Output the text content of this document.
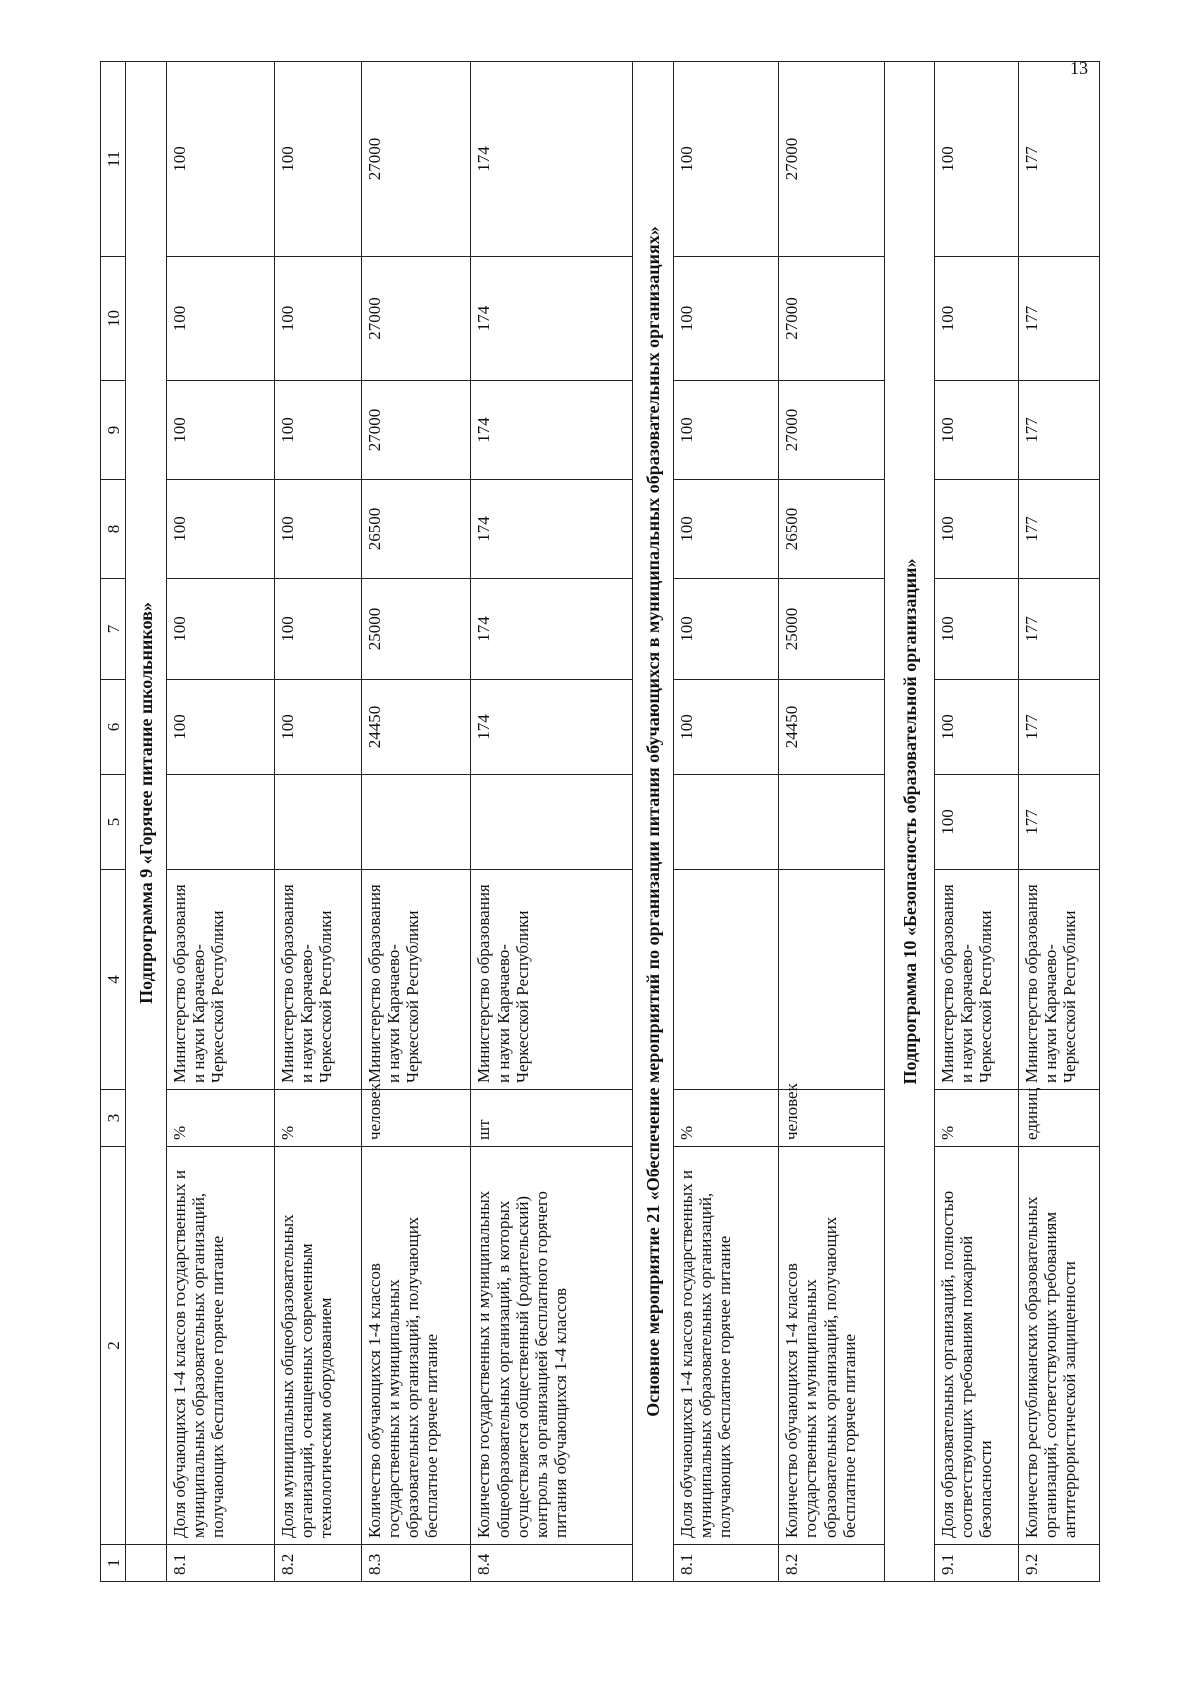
13
1	2	3	4	5	6	7	8	9	10	11
	Подпрограмма 9 «Горячее питание школьников»									
8.1	Доля обучающихся 1-4 классов государственных и муниципальных образовательных организаций, получающих бесплатное горячее питание	%	Министерство образования и науки Карачаево-Черкесской Республики		100	100	100	100	100	100
8.2	Доля муниципальных общеобразовательных организаций, оснащенных современным технологическим оборудованием	%	Министерство образования и науки Карачаево-Черкесской Республики		100	100	100	100	100	100
8.3	Количество обучающихся 1-4 классов государственных и муниципальных образовательных организаций, получающих бесплатное горячее питание	человек	Министерство образования и науки Карачаево-Черкесской Республики		24450	25000	26500	27000	27000	27000
8.4	Количество государственных и муниципальных общеобразовательных организаций, в которых осуществляется общественный (родительский) контроль за организацией бесплатного горячего питания обучающихся 1-4 классов	шт	Министерство образования и науки Карачаево-Черкесской Республики		174	174	174	174	174	174
Основное мероприятие 21 «Обеспечение мероприятий по организации питания обучающихся в муниципальных образовательных организациях»										
8.1	Доля обучающихся 1-4 классов государственных и муниципальных образовательных организаций, получающих бесплатное горячее питание	%			100	100	100	100	100	100
8.2	Количество обучающихся 1-4 классов государственных и муниципальных образовательных организаций, получающих бесплатное горячее питание	человек			24450	25000	26500	27000	27000	27000
Подпрограмма 10 «Безопасность образовательной организации»										
9.1	Доля образовательных организаций, полностью соответствующих требованиям пожарной безопасности	%	Министерство образования и науки Карачаево-Черкесской Республики	100	100	100	100	100	100	100
9.2	Количество республиканских образовательных организаций, соответствующих требованиям антитеррористической защищенности	единиц	Министерство образования и науки Карачаево-Черкесской Республики	177	177	177	177	177	177	177
